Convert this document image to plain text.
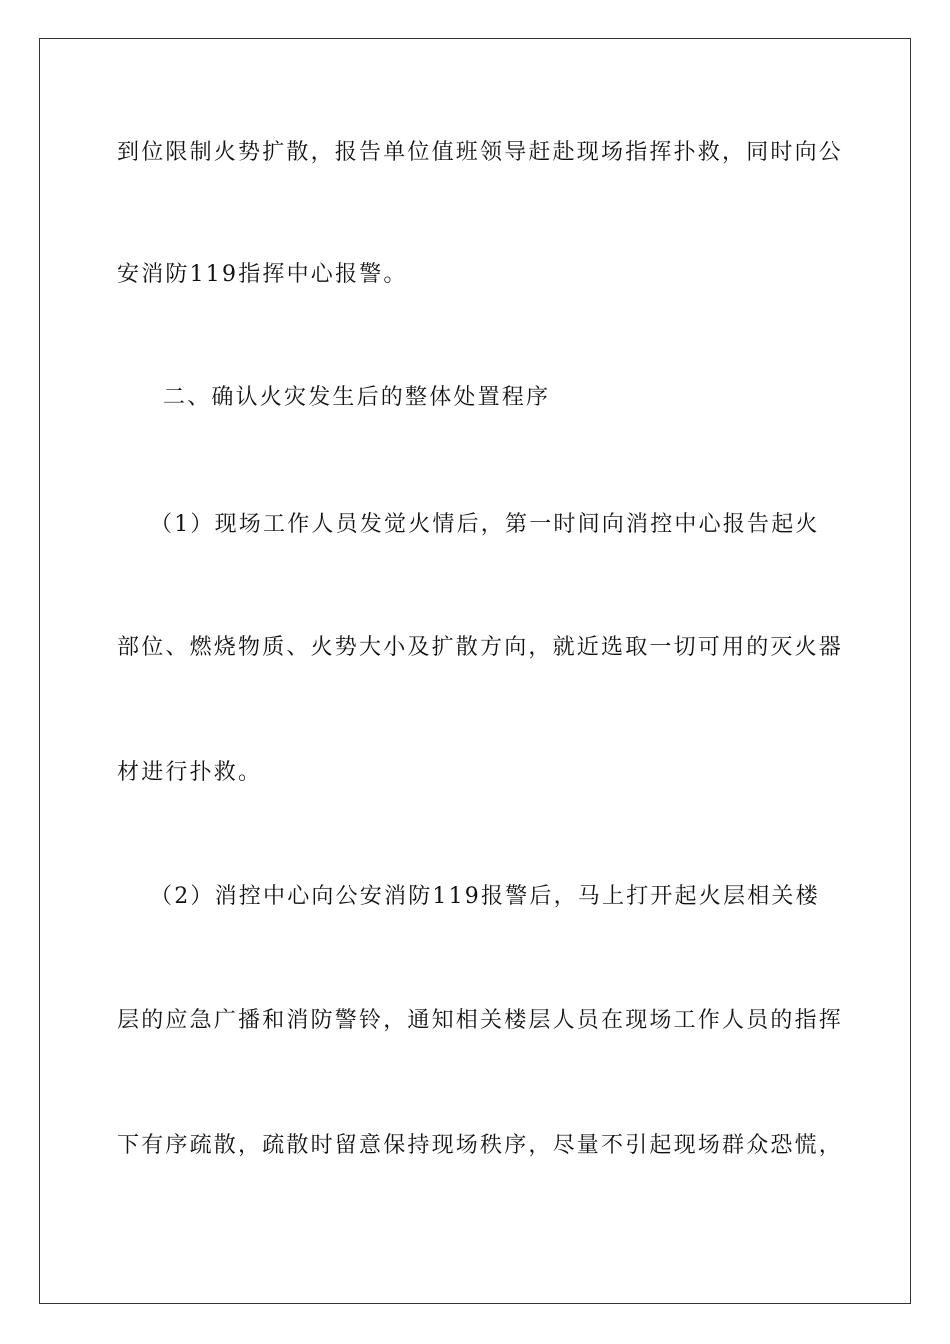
到位限制火势扩散，报告单位值班领导赶赴现场指挥扑救，同时向公
安消防119指挥中心报警。
二、确认火灾发生后的整体处置程序
（1）现场工作人员发觉火情后，第一时间向消控中心报告起火
部位、燃烧物质、火势大小及扩散方向，就近选取一切可用的灭火器
材进行扑救。
（2）消控中心向公安消防119报警后，马上打开起火层相关楼
层的应急广播和消防警铃，通知相关楼层人员在现场工作人员的指挥
下有序疏散，疏散时留意保持现场秩序，尽量不引起现场群众恐慌，
